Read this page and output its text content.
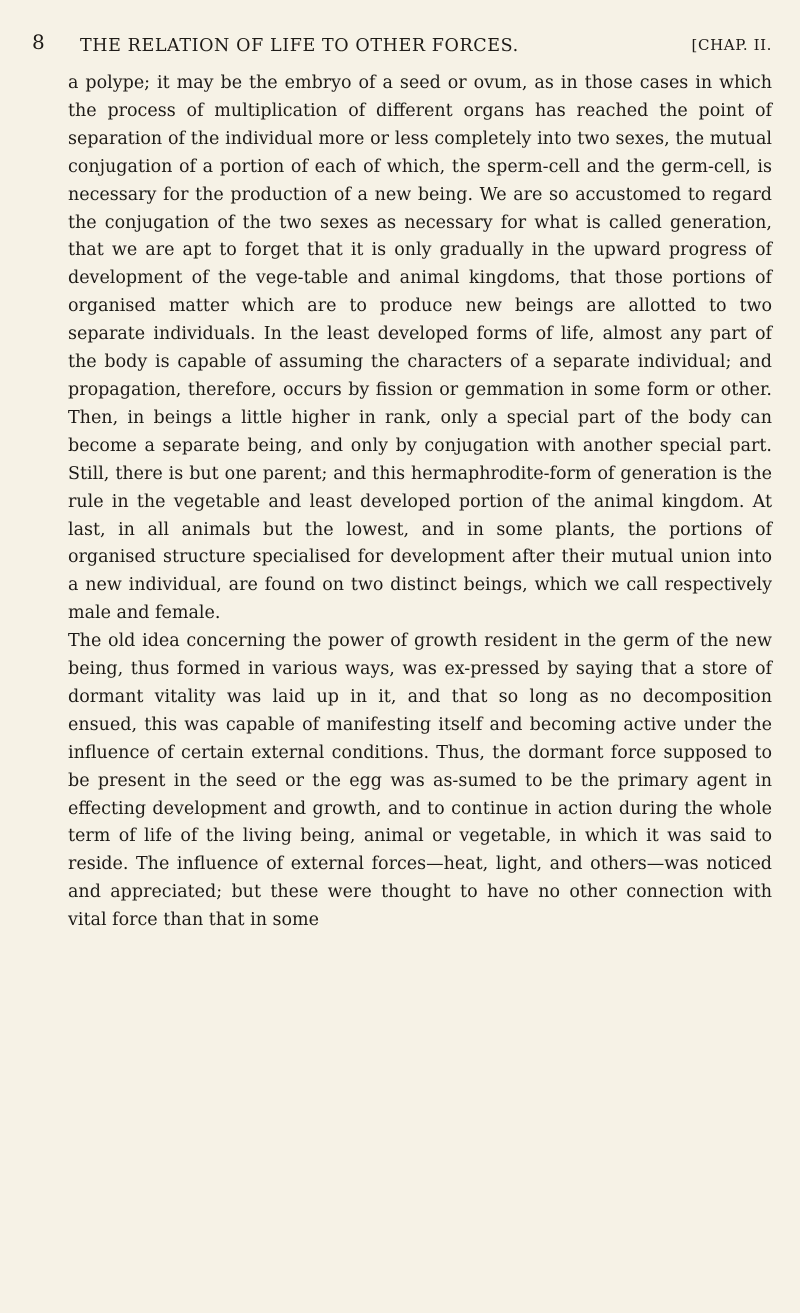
8 THE RELATION OF LIFE TO OTHER FORCES.	[CHAP. II.

a polype; it may be the embryo of a seed or ovum, as in those cases in which the process of multiplication of different organs has reached the point of separation of the individual more or less completely into two sexes, the mutual conjugation of a portion of each of which, the sperm-cell and the germ-cell, is necessary for the production of a new being. We are so accustomed to regard the conjugation of the two sexes as necessary for what is called generation, that we are apt to forget that it is only gradually in the upward progress of development of the vege-table and animal kingdoms, that those portions of organised matter which are to produce new beings are allotted to two separate individuals. In the least developed forms of life, almost any part of the body is capable of assuming the characters of a separate individual; and propagation, therefore, occurs by fission or gemmation in some form or other. Then, in beings a little higher in rank, only a special part of the body can become a separate being, and only by conjugation with another special part. Still, there is but one parent; and this hermaphrodite-form of generation is the rule in the vegetable and least developed portion of the animal kingdom. At last, in all animals but the lowest, and in some plants, the portions of organised structure specialised for development after their mutual union into a new individual, are found on two distinct beings, which we call respectively male and female.

The old idea concerning the power of growth resident in the germ of the new being, thus formed in various ways, was ex-pressed by saying that a store of dormant vitality was laid up in it, and that so long as no decomposition ensued, this was capable of manifesting itself and becoming active under the influence of certain external conditions. Thus, the dormant force supposed to be present in the seed or the egg was as-sumed to be the primary agent in effecting development and growth, and to continue in action during the whole term of life of the living being, animal or vegetable, in which it was said to reside. The influence of external forces—heat, light, and others—was noticed and appreciated; but these were thought to have no other connection with vital force than that in some
